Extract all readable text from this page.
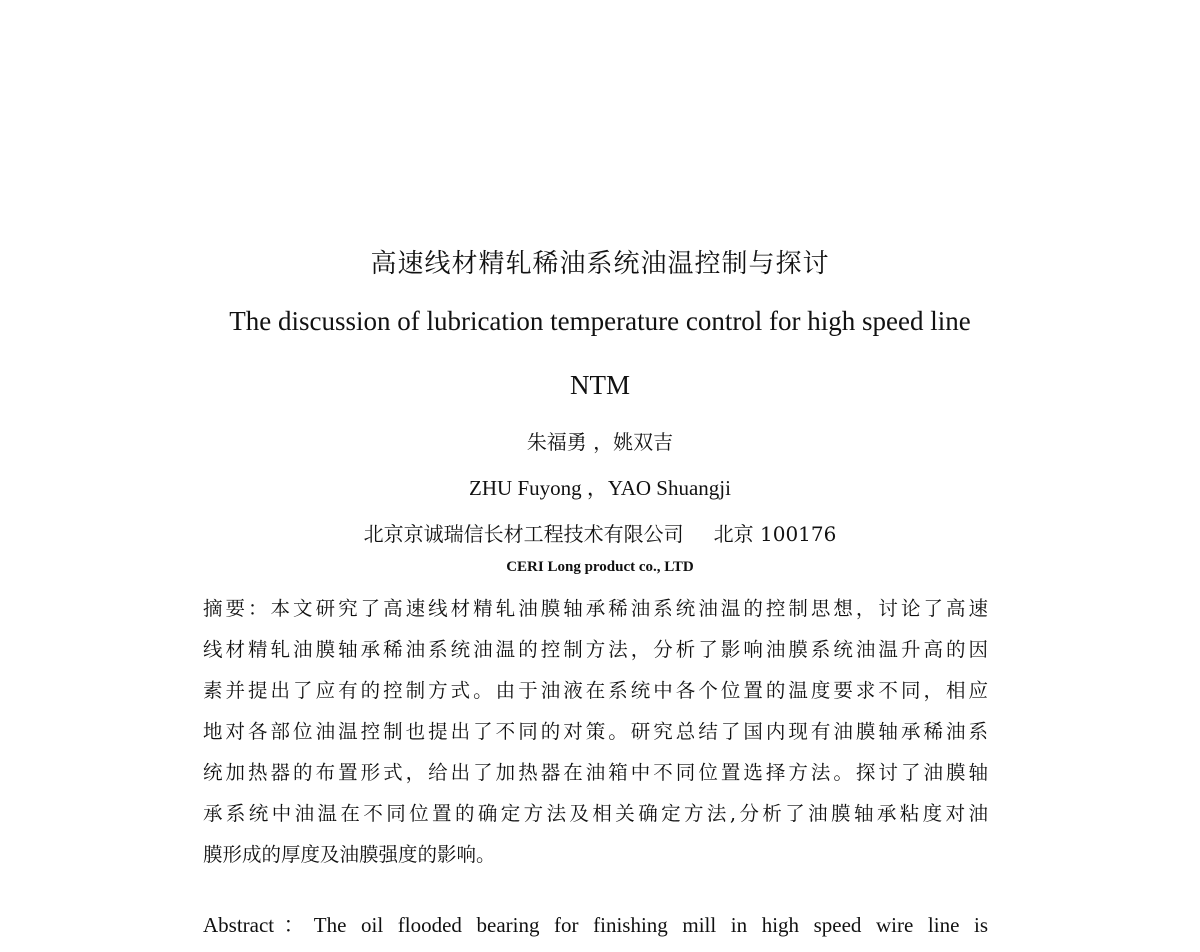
高速线材精轧稀油系统油温控制与探讨
The discussion of lubrication temperature control for high speed line
NTM
朱福勇 ，姚双吉
ZHU Fuyong ，YAO Shuangji
北京京诚瑞信长材工程技术有限公司 北京 100176
CERI Long product co., LTD
摘要：本文研究了高速线材精轧油膜轴承稀油系统油温的控制思想，讨论了高速
线材精轧油膜轴承稀油系统油温的控制方法，分析了影响油膜系统油温升高的因
素并提出了应有的控制方式。由于油液在系统中各个位置的温度要求不同，相应
地对各部位油温控制也提出了不同的对策。研究总结了国内现有油膜轴承稀油系
统加热器的布置形式，给出了加热器在油箱中不同位置选择方法。探讨了油膜轴
承系统中油温在不同位置的确定方法及相关确定方法,分析了油膜轴承粘度对油
膜形成的厚度及油膜强度的影响。
Abstract：The oil flooded bearing for finishing mill in high speed wire line is
